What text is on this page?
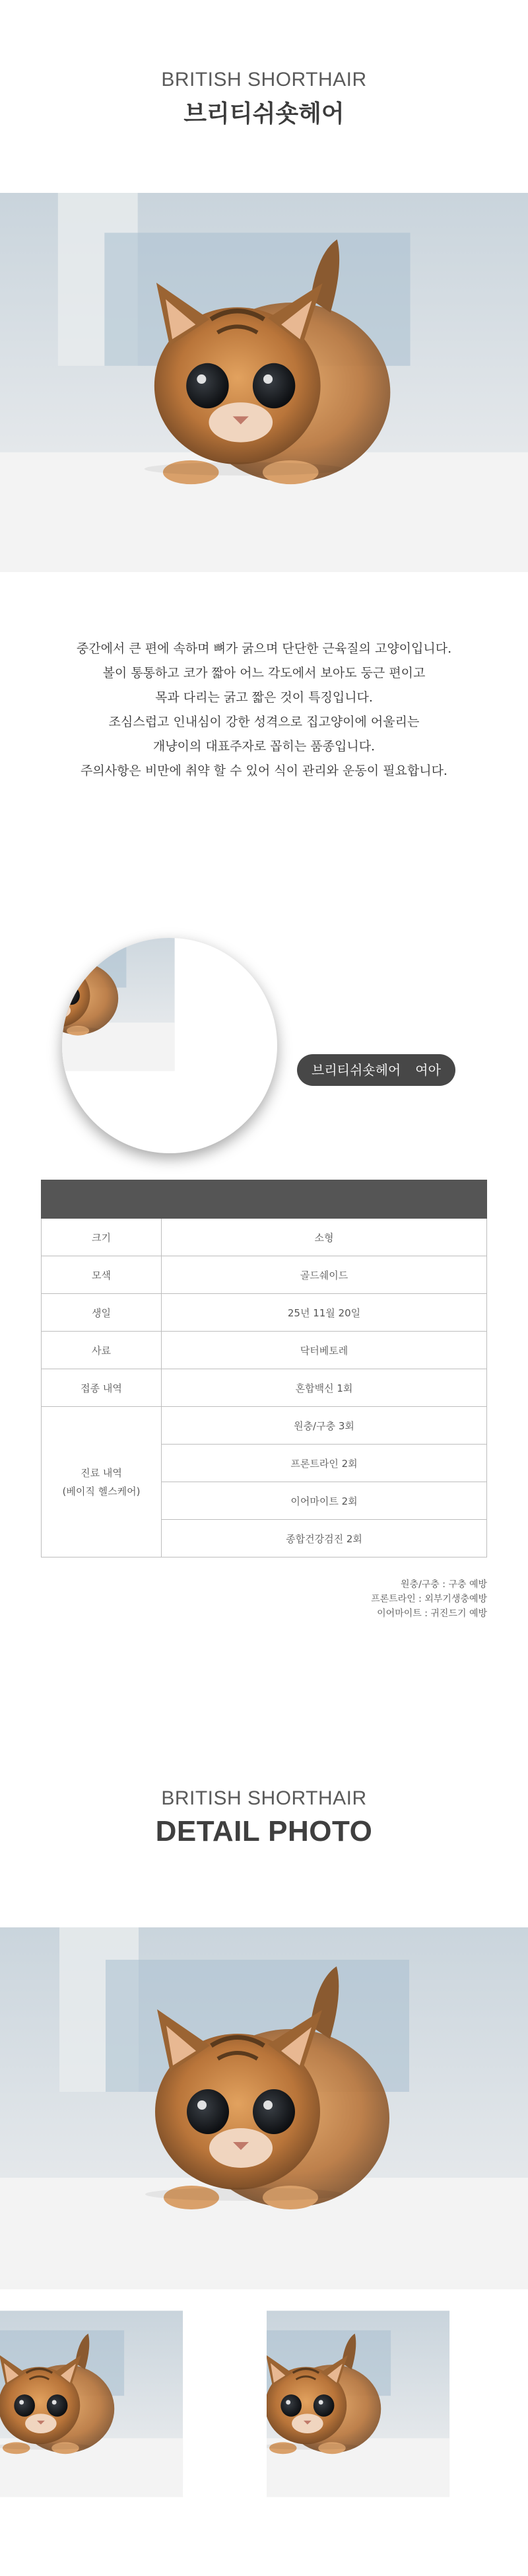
BRITISH SHORTHAIR
브리티쉬숏헤어

중간에서 큰 편에 속하며 뼈가 굵으며 단단한 근육질의 고양이입니다.

볼이 통통하고 코가 짧아 어느 각도에서 보아도 둥근 편이고

목과 다리는 굵고 짧은 것이 특징입니다.

조심스럽고 인내심이 강한 성격으로 집고양이에 어울리는

개냥이의 대표주자로 꼽히는 품종입니다.

주의사항은 비만에 취약 할 수 있어 식이 관리와 운동이 필요합니다.

브리티쉬숏헤어 여아

크기	소형
모색	골드쉐이드
생일	25년 11월 20일
사료	닥터베토레
접종 내역	혼합백신 1회
진료 내역
(베이직 헬스케어)	원충/구충 3회
	프론트라인 2회
	이어마이트 2회
	종합건강검진 2회
원충/구충 : 구충 예방
프론트라인 : 외부기생충예방
이어마이트 : 귀진드기 예방
BRITISH SHORTHAIR
DETAIL PHOTO
